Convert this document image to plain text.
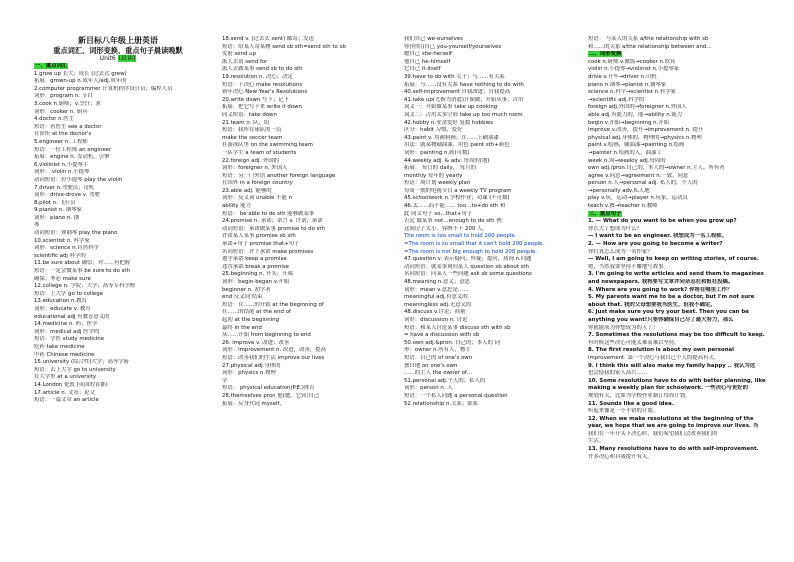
新目标八年级上册英语
重点词汇、词形变换、重点句子晨读晚默
Unit6 (晨读)
一、重点词汇
1.grow up 长大；成长 (过去式 grew)
拓展：grown-up n.成年人/adj.成年的
2.computer programmer 计算机程序设计员；编程人员
词形：program n. 节目
3.cook n.厨师；v.烹饪；煮
词形：cooker n. 厨具
4.doctor n.医生
短语：看医生 see a doctor
在诊所 at the doctor's
5.engineer n. 工程师
短语：一位工程师 an engineer
拓展：engine n. 发动机，引擎
6.violinist n.小提琴手
词形： violin n.小提琴
动词短语：拉小提琴 play the violin
7.driver n.驾驶员；司机
词形：drive-drove v. 驾驶
8.pilot n. 飞行员
9.pianist n. 钢琴家
词形：piano n. 钢
琴
动词短语：弹钢琴 play the piano
10.scientist n. 科学家
词形：science n.自然科学
scientific adj 科学的
11.be sure about 确信；对……有把握
短语：一定会做某事 be sure to do sth
确保；务必 make sure
12.college n. 学院；大学；高等专科学校
短语：上大学 go to college
13.education n.教育
词形：educate v. 教育
educational adj 有教育意义的
14.medicine n. 药；医学
词形：medical adj 医学的
短语：学医 study medicine
吃药 take medicine
中药 Chinese medicine
15.university (综合性)大学；高等学府
短语：去上大学 go to university
在大学里 at a university
14.London 伦敦 (英国的首都)
17.article n. 文章；论文
短语：一篇文章 an article
18.send v. (过去式 sent) 邮寄；发送
短语：给某人寄某物 send sb sth=send sth to sb
发射 send up
派人去请 send for
派人去做某事 send sb to do sth
19.resolution n. 决心；决定
短语：下决心 make resolutions
新年决心 New Year's Resolutions
20.write down 写下；记下
拓展：把它写下来 write it down
同义短语：take down
21.team n. 队；组
短语：我所在球队的一员
make the soccer team
在游泳队里 on the swimming team
一队学生 a team of students
22.foreign adj. 外国的
词形：foreigner n. 外国人
短语：另一门外语 another foreign language
在国外 in a foreign country
23.able adj. 能够的
词形：反义词 unable 不能 n
ability 能力
短语： be able to do sth 能够做某事
24.promise n. 承诺；诺言 v. 许诺；承诺
动词短语：承诺做某事 promise to do sth
许诺某人某事 promise sb sth
承诺+句子 promise that+句子
名词短语：许下承诺 make promises
遵守承诺 keep a promise
违背承诺 break a promise
25.beginning n. 开头；开端
词形：begin-began v.开始
beginner n. 初学者
end 反义词 结束
短语：在……的开始 at the beginning of
在……的结尾 at the end of
起初 at the beginning
最终 in the end
从……开始 from beginning to end
26. improve v. 改进；改善
词形：improvement n. 改进，改善，提高
短语：改善我们的生活 improve our lives
27.physical adj.身体的
词形：physics n.物理
学
短语： physical education(P.E.)体育
28.themselves pron 他(她，它)们自己
拓展：反身代词 myself，
我们自己 we-ourselves
你(你们)自己 you-yourself/yourselves
她自己 she-herself
他自己 he-himself
它自己 it-itself
39.have to do with 关于；与……有关系
拓展：与……没有关系 have nothing to do with
40.self-improvement 自我改进；自我提高
41.take up(尤指为消遣)开始做；开始从事；占用
词义一：开始做某事 take up cooking
词义二：占用太多空间 take up too much room
42.hobby n.业余爱好 复数 hobbies
区分：habit 习惯，爱好
43.paint v. 用颜料画；在……上刷油漆
用法：就某物刷油漆，用色 paint sth+颜色
词形：painting n.画(可数)
44.weekly adj. & adv. 每周的(地)
拓展： 每日的 daily， 每月的
monthly 每年的 yearly
短语：周计划 weekly plan
每周一期的电视节目 a weekly TV program
45.schoolwork n.学校作业；功课 (不可数)
46.太……而不能…… too…to+do sth 和
此 同义句子 so…that+句子
否定 做某事 not…enough to do sth 例：
这间房子太小，容纳不下 200 人。
The room is too small to hold 200 people.
=The room is so small that it can't hold 200 people.
=The room is not big enough to hold 200 people.
47.question v. 表示疑问；怀疑；提问，质询 n.问题
动词短语：就某事询问某人 question sb about sth
名词短语：问某人一些问题 ask sb some questions
48.meaning n.意义；意思
词形：mean v.意思是……
meaningful adj.有意义的
meaningless adj.无意义的
48.discuss v.讨论；商量
词形：discussion n. 讨论
短语：和某人讨论某事 discuss sth with sb
= have a discussion with sb
50.own adj.&pron. 自己的；本人的 词
形：owner n.所有人，物主
短语：自己的 of one's own
独自地 on one's own
……的主人 the owner of…
51.personal adj.个人的；私人的
词形：person n. 人
短语：一个私人问题 a personal question
52.relationship n.关系；联系
短语： 与某人的关系 a/the relationship with sb
和……的关系 a/the relationship between and…
二、词形变换
cook n.厨师 v.做饭→cooker n.炊具
violin n.小提琴→violinist n.小提琴家
drive v.开车→driver n.司机
piano n.钢琴→pianist n.钢琴家
science n.科学→scientist n.科学家
→scientific adj.科学的
foreign adj.外国的→foreigner n.外国人
able adj.有能力的，能→ability n.能力
begin v.开始→beginning n.开始
improve v.改善，提升→improvement n. 提升
physical adj.身体的，物理的→physics n.物理
paint v.绘画，刷油漆→painting n.绘画
→painter n.绘画的人，油漆工
week n.周→weekly adj.每周的
own adj./pron.自己的，本人的→owner n.主人，所有者
agree v.同意→agreement n.一致，同意
person n.人→personal adj. 私人的，个人的
→personally adv.私人地
play v.玩，运动→player n.玩家，运动员
teach v.教→teacher n.教师
三、重点句子
1. — What do you want to be when you grow up?
你长大了想成为什么？
— I want to be an engineer. 我想成为一名工程师。
2. — How are you going to become a writer?
你打算怎么成为一名作家？
— Well, I am going to keep on writing stories, of course.
嗯，当然我要坚持不懈地写故事。
3. I'm going to write articles and send them to magazines
and newspapers. 我将要写文章并向杂志社和报社投稿。
4. Where are you going to work? 你将在哪里工作？
5. My parents want me to be a doctor, but I'm not sure
about that. 我的父母想要我当医生，但我不确定。
6. Just make sure you try your best. Then you can be
anything you want!只要你确保自己尽了最大努力，那么
你就能成为你想成为的人了！
7. Sometimes the resolutions may be too difficult to keep.
有时候这些决心可能太难而难以坚持。
8. The first resolution is about my own personal
improvement. 第一个决心与我自己个人的提高有关。
9. I think this will also make my family happy .. 我认为这
也会使我的家人高兴……
10. Some resolutions have to do with better planning, like
making a weekly plan for schoolwork. 一些决心与更好的
规划有关，比如为学校作业制订每周计划。
11. Sounds like a good idea.
听起来像是一个不错的计划。
12. When we make resolutions at the beginning of the
year, we hope that we are going to improve our lives. 当
我们在一年开头下决心时，我们希望我们会改善我们的
生活。
13. Many resolutions have to do with self-improvement.
许多决心和自我提升有关。
